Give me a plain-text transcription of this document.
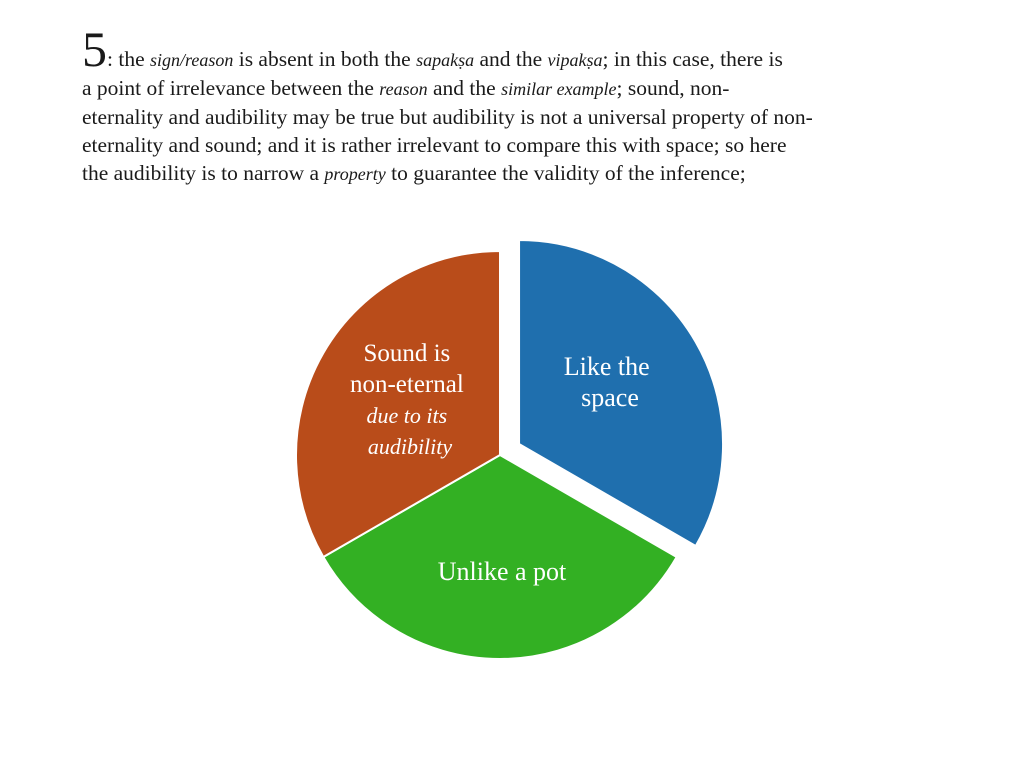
5: the sign/reason is absent in both the sapakṣa and the vipakṣa; in this case, there is
a point of irrelevance between the reason and the similar example; sound, non-
eternality and audibility may be true but audibility is not a universal property of non-
eternality and sound; and it is rather irrelevant to compare this with space; so here
the audibility is to narrow a property to guarantee the validity of the inference;
Like the space
Unlike a pot
Sound is non-eternal due to its audibility
